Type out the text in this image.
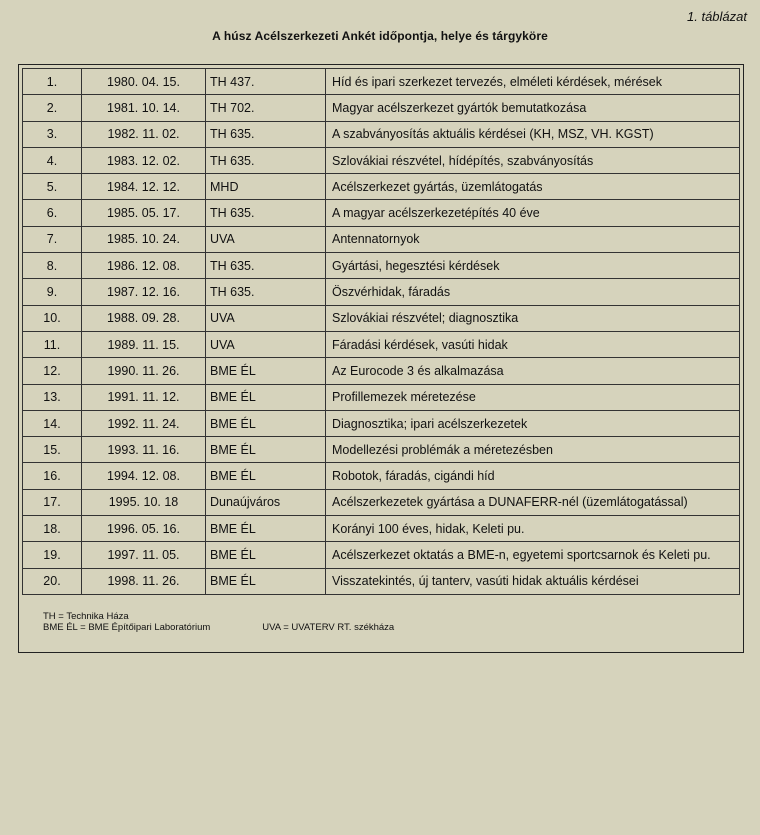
1. táblázat
A húsz Acélszerkezeti Ankét időpontja, helye és tárgyköre
1.	1980. 04. 15.	TH 437.	Híd és ipari szerkezet tervezés, elméleti kérdések, mérések
2.	1981. 10. 14.	TH 702.	Magyar acélszerkezet gyártók bemutatkozása
3.	1982. 11. 02.	TH 635.	A szabványosítás aktuális kérdései (KH, MSZ, VH. KGST)
4.	1983. 12. 02.	TH 635.	Szlovákiai részvétel, hídépítés, szabványosítás
5.	1984. 12. 12.	MHD	Acélszerkezet gyártás, üzemlátogatás
6.	1985. 05. 17.	TH 635.	A magyar acélszerkezetépítés 40 éve
7.	1985. 10. 24.	UVA	Antennatornyok
8.	1986. 12. 08.	TH 635.	Gyártási, hegesztési kérdések
9.	1987. 12. 16.	TH 635.	Öszvérhidak, fáradás
10.	1988. 09. 28.	UVA	Szlovákiai részvétel; diagnosztika
11.	1989. 11. 15.	UVA	Fáradási kérdések, vasúti hidak
12.	1990. 11. 26.	BME ÉL	Az Eurocode 3 és alkalmazása
13.	1991. 11. 12.	BME ÉL	Profillemezek méretezése
14.	1992. 11. 24.	BME ÉL	Diagnosztika; ipari acélszerkezetek
15.	1993. 11. 16.	BME ÉL	Modellezési problémák a méretezésben
16.	1994. 12. 08.	BME ÉL	Robotok, fáradás, cigándi híd
17.	1995. 10. 18	Dunaújváros	Acélszerkezetek gyártása a DUNAFERR-nél (üzemlátogatással)
18.	1996. 05. 16.	BME ÉL	Korányi 100 éves, hidak, Keleti pu.
19.	1997. 11. 05.	BME ÉL	Acélszerkezet oktatás a BME-n, egyetemi sportcsarnok és Keleti pu.
20.	1998. 11. 26.	BME ÉL	Visszatekintés, új tanterv, vasúti hidak aktuális kérdései
TH = Technika Háza
BME ÉL = BME Építőipari Laboratórium	UVA = UVATERV RT. székháza
